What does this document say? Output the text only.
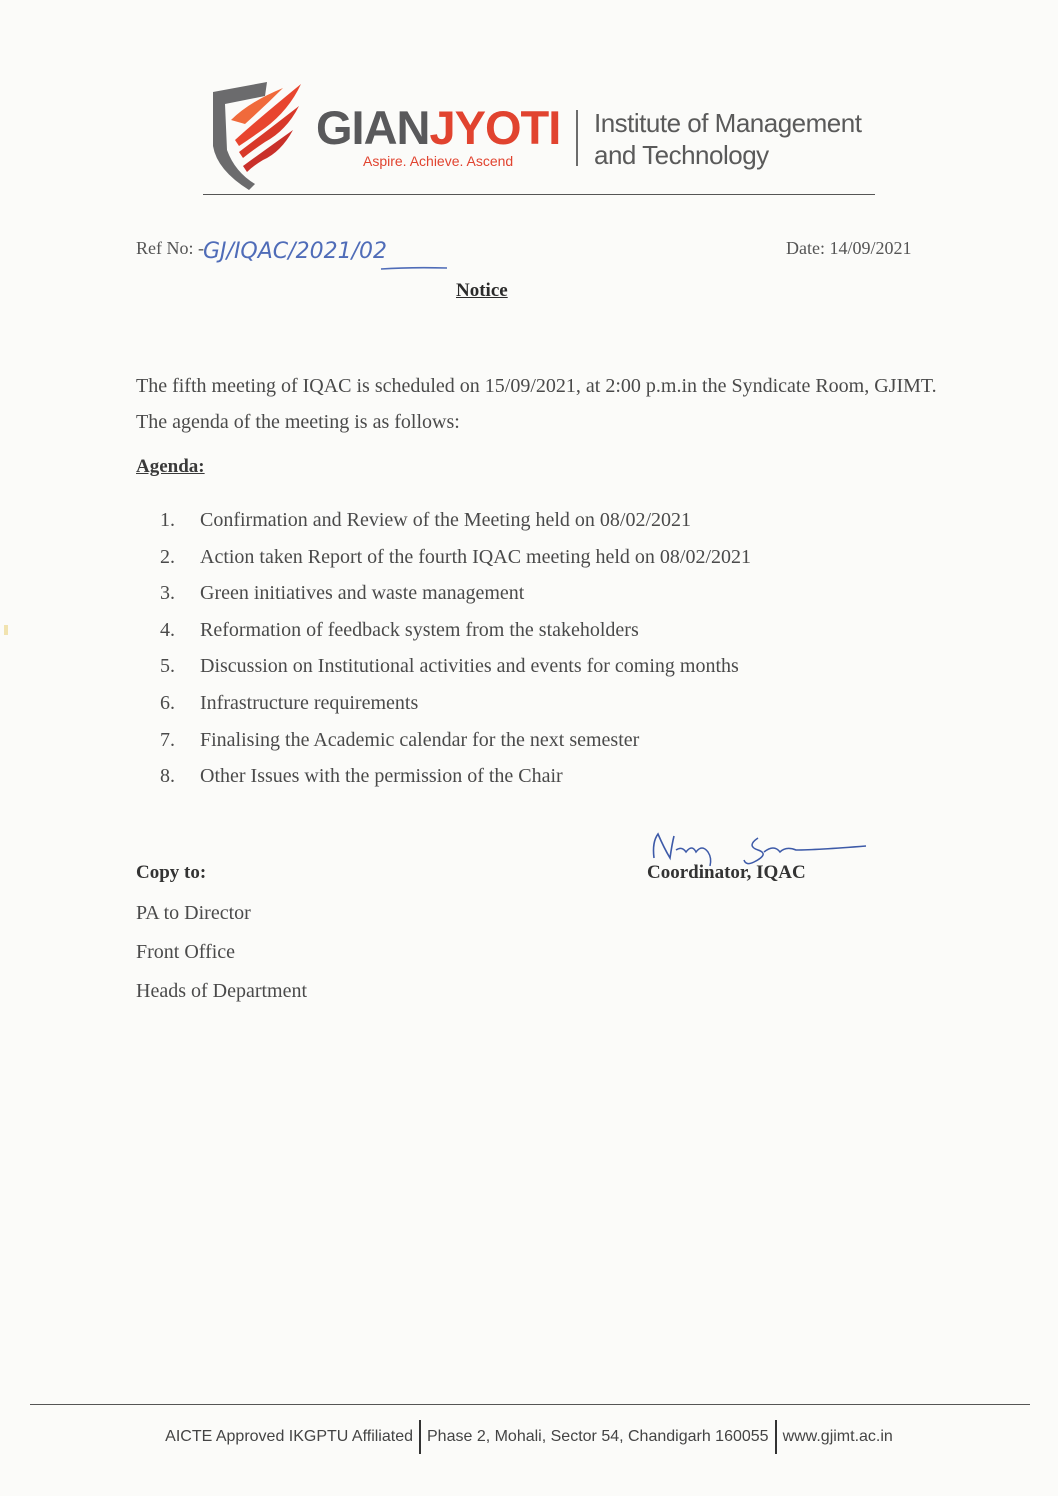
GIANJYOTI
Aspire. Achieve. Ascend
Institute of Management
and Technology
Ref No: - GJ/IQAC/2021/02	Date: 14/09/2021
Notice
The fifth meeting of IQAC is scheduled on 15/09/2021, at 2:00 p.m.in the Syndicate Room, GJIMT. The agenda of the meeting is as follows:
Agenda:
1. Confirmation and Review of the Meeting held on 08/02/2021
2. Action taken Report of the fourth IQAC meeting held on 08/02/2021
3. Green initiatives and waste management
4. Reformation of feedback system from the stakeholders
5. Discussion on Institutional activities and events for coming months
6. Infrastructure requirements
7. Finalising the Academic calendar for the next semester
8. Other Issues with the permission of the Chair
Coordinator, IQAC
Copy to:
PA to Director
Front Office
Heads of Department
AICTE Approved IKGPTU Affiliated Phase 2, Mohali, Sector 54, Chandigarh 160055 www.gjimt.ac.in
